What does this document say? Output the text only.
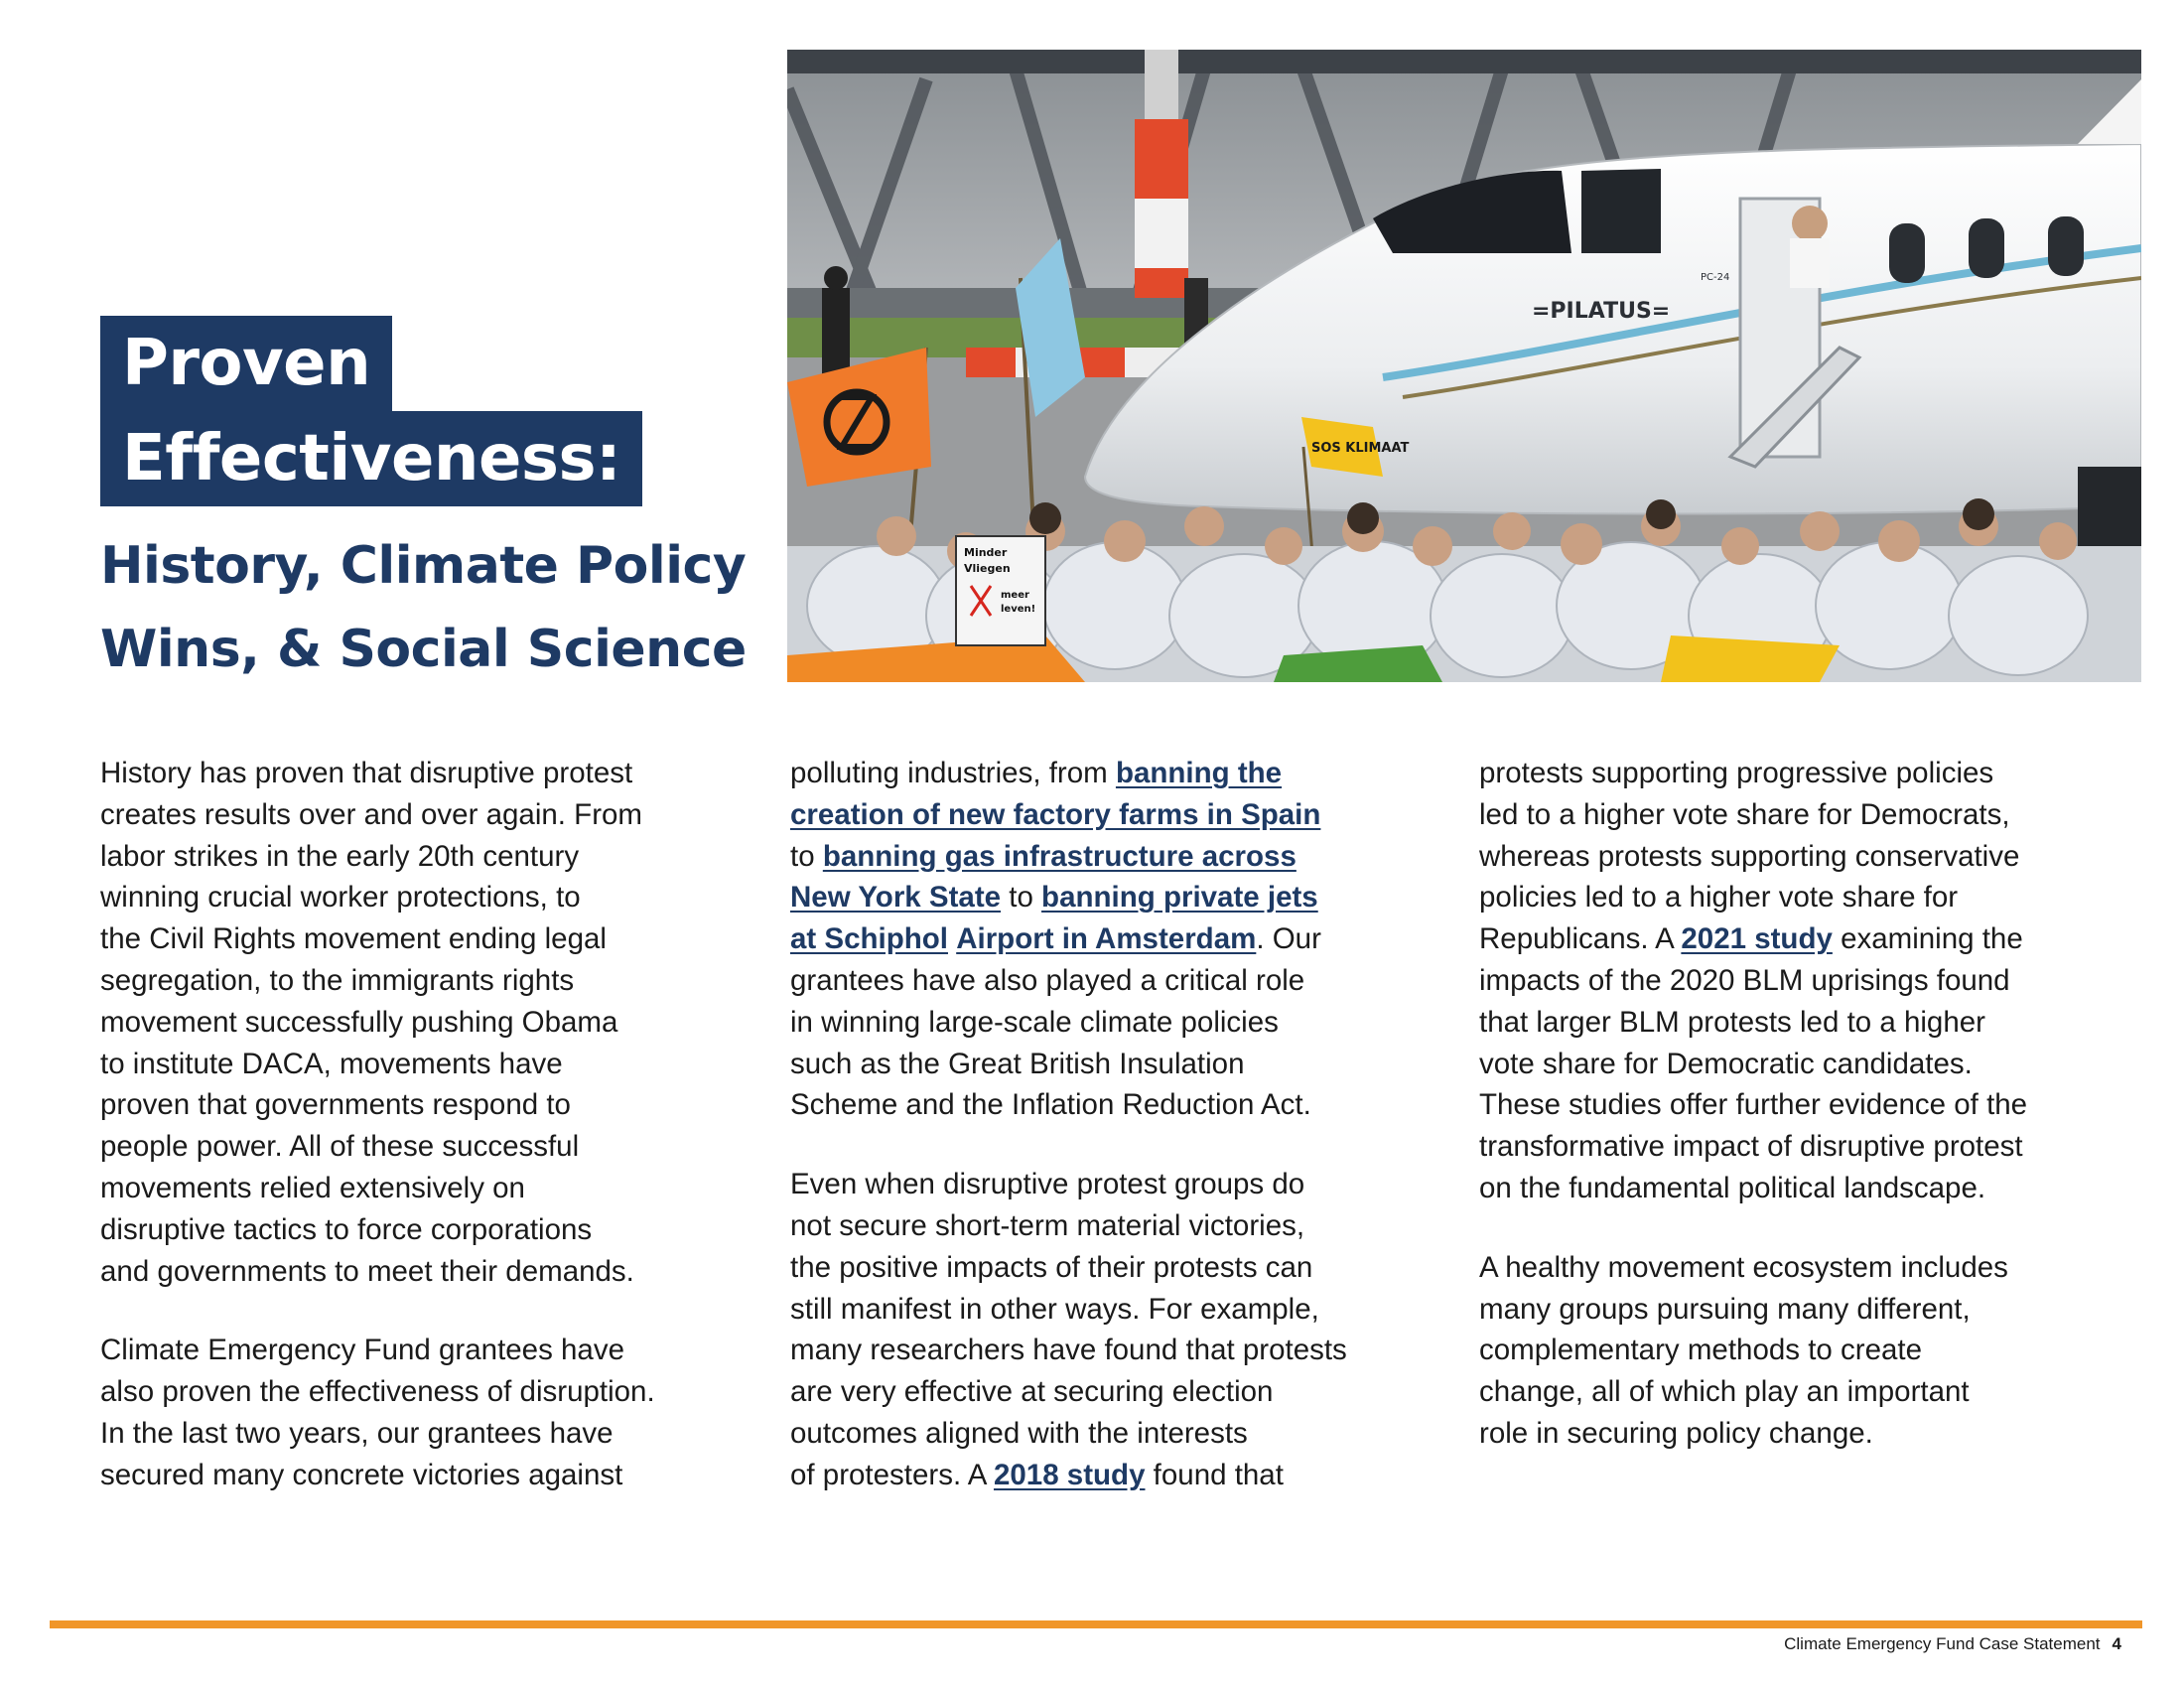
Proven
Effectiveness:
History, Climate Policy
Wins, & Social Science
=PILATUS=
PC-24
SOS KLIMAAT
Minder
Vliegen
meer
leven!

History has proven that disruptive protest
creates results over and over again. From
labor strikes in the early 20th century
winning crucial worker protections, to
the Civil Rights movement ending legal
segregation, to the immigrants rights
movement successfully pushing Obama
to institute DACA, movements have
proven that governments respond to
people power. All of these successful
movements relied extensively on
disruptive tactics to force corporations
and governments to meet their demands.

Climate Emergency Fund grantees have
also proven the effectiveness of disruption.
In the last two years, our grantees have
secured many concrete victories against

polluting industries, from banning the
creation of new factory farms in Spain
to banning gas infrastructure across
New York State to banning private jets
at Schiphol Airport in Amsterdam. Our
grantees have also played a critical role
in winning large-scale climate policies
such as the Great British Insulation
Scheme and the Inflation Reduction Act.

Even when disruptive protest groups do
not secure short-term material victories,
the positive impacts of their protests can
still manifest in other ways. For example,
many researchers have found that protests
are very effective at securing election
outcomes aligned with the interests
of protesters. A 2018 study found that

protests supporting progressive policies
led to a higher vote share for Democrats,
whereas protests supporting conservative
policies led to a higher vote share for
Republicans. A 2021 study examining the
impacts of the 2020 BLM uprisings found
that larger BLM protests led to a higher
vote share for Democratic candidates.
These studies offer further evidence of the
transformative impact of disruptive protest
on the fundamental political landscape.

A healthy movement ecosystem includes
many groups pursuing many different,
complementary methods to create
change, all of which play an important
role in securing policy change.

Climate Emergency Fund Case Statement 4
